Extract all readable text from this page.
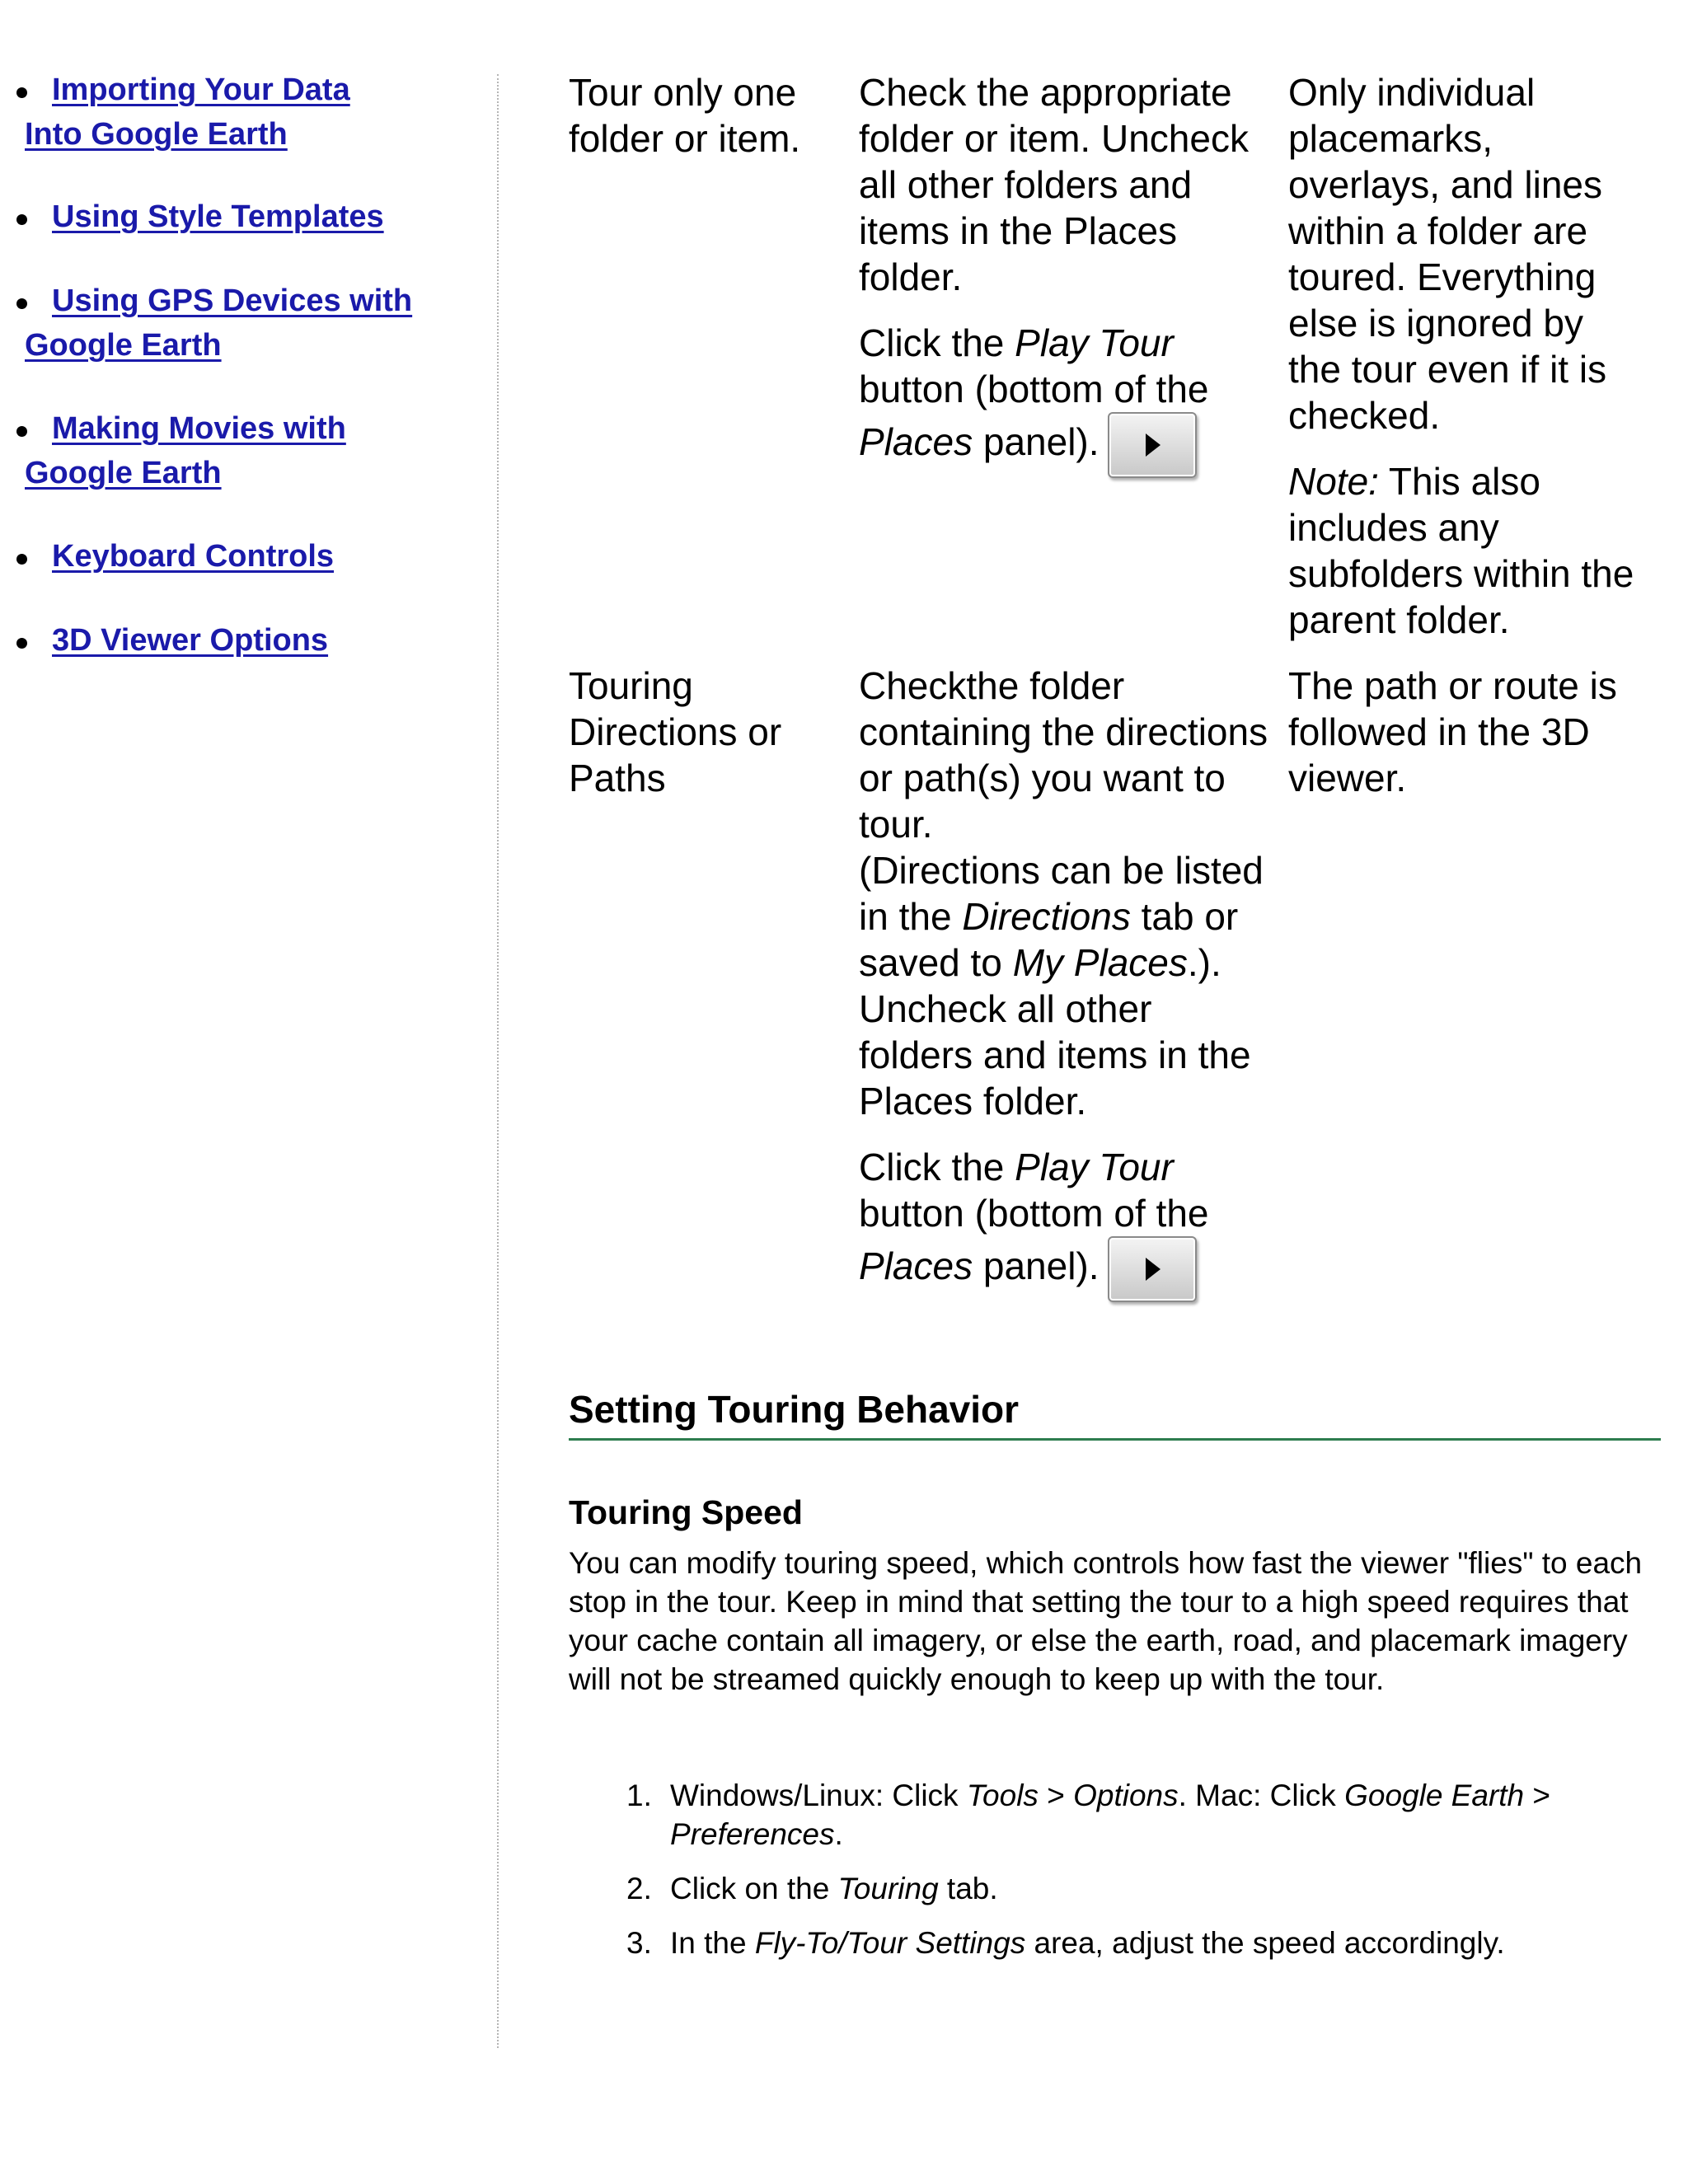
Importing Your Data
Into Google Earth
Using Style Templates
Using GPS Devices with
Google Earth
Making Movies with
Google Earth
Keyboard Controls
3D Viewer Options

Tour only one

folder or item.

Check the appropriate

folder or item. Uncheck

all other folders and

items in the Places

folder.

Click the Play Tour

button (bottom of the

Places panel).

Only individual

placemarks,

overlays, and lines

within a folder are

toured. Everything

else is ignored by

the tour even if it is

checked.

Note: This also

includes any

subfolders within the

parent folder.

Touring

Directions or

Paths

Checkthe folder

containing the directions

or path(s) you want to

tour.

(Directions can be listed

in the Directions tab or

saved to My Places.).

Uncheck all other

folders and items in the

Places folder.

Click the Play Tour

button (bottom of the

Places panel).

The path or route is

followed in the 3D

viewer.

Setting Touring Behavior
Touring Speed

You can modify touring speed, which controls how fast the viewer "flies" to each stop in the tour. Keep in mind that setting the tour to a high speed requires that your cache contain all imagery, or else the earth, road, and placemark imagery will not be streamed quickly enough to keep up with the tour.

1. Windows/Linux: Click Tools > Options. Mac: Click Google Earth > Preferences.
2. Click on the Touring tab.
3. In the Fly-To/Tour Settings area, adjust the speed accordingly.
